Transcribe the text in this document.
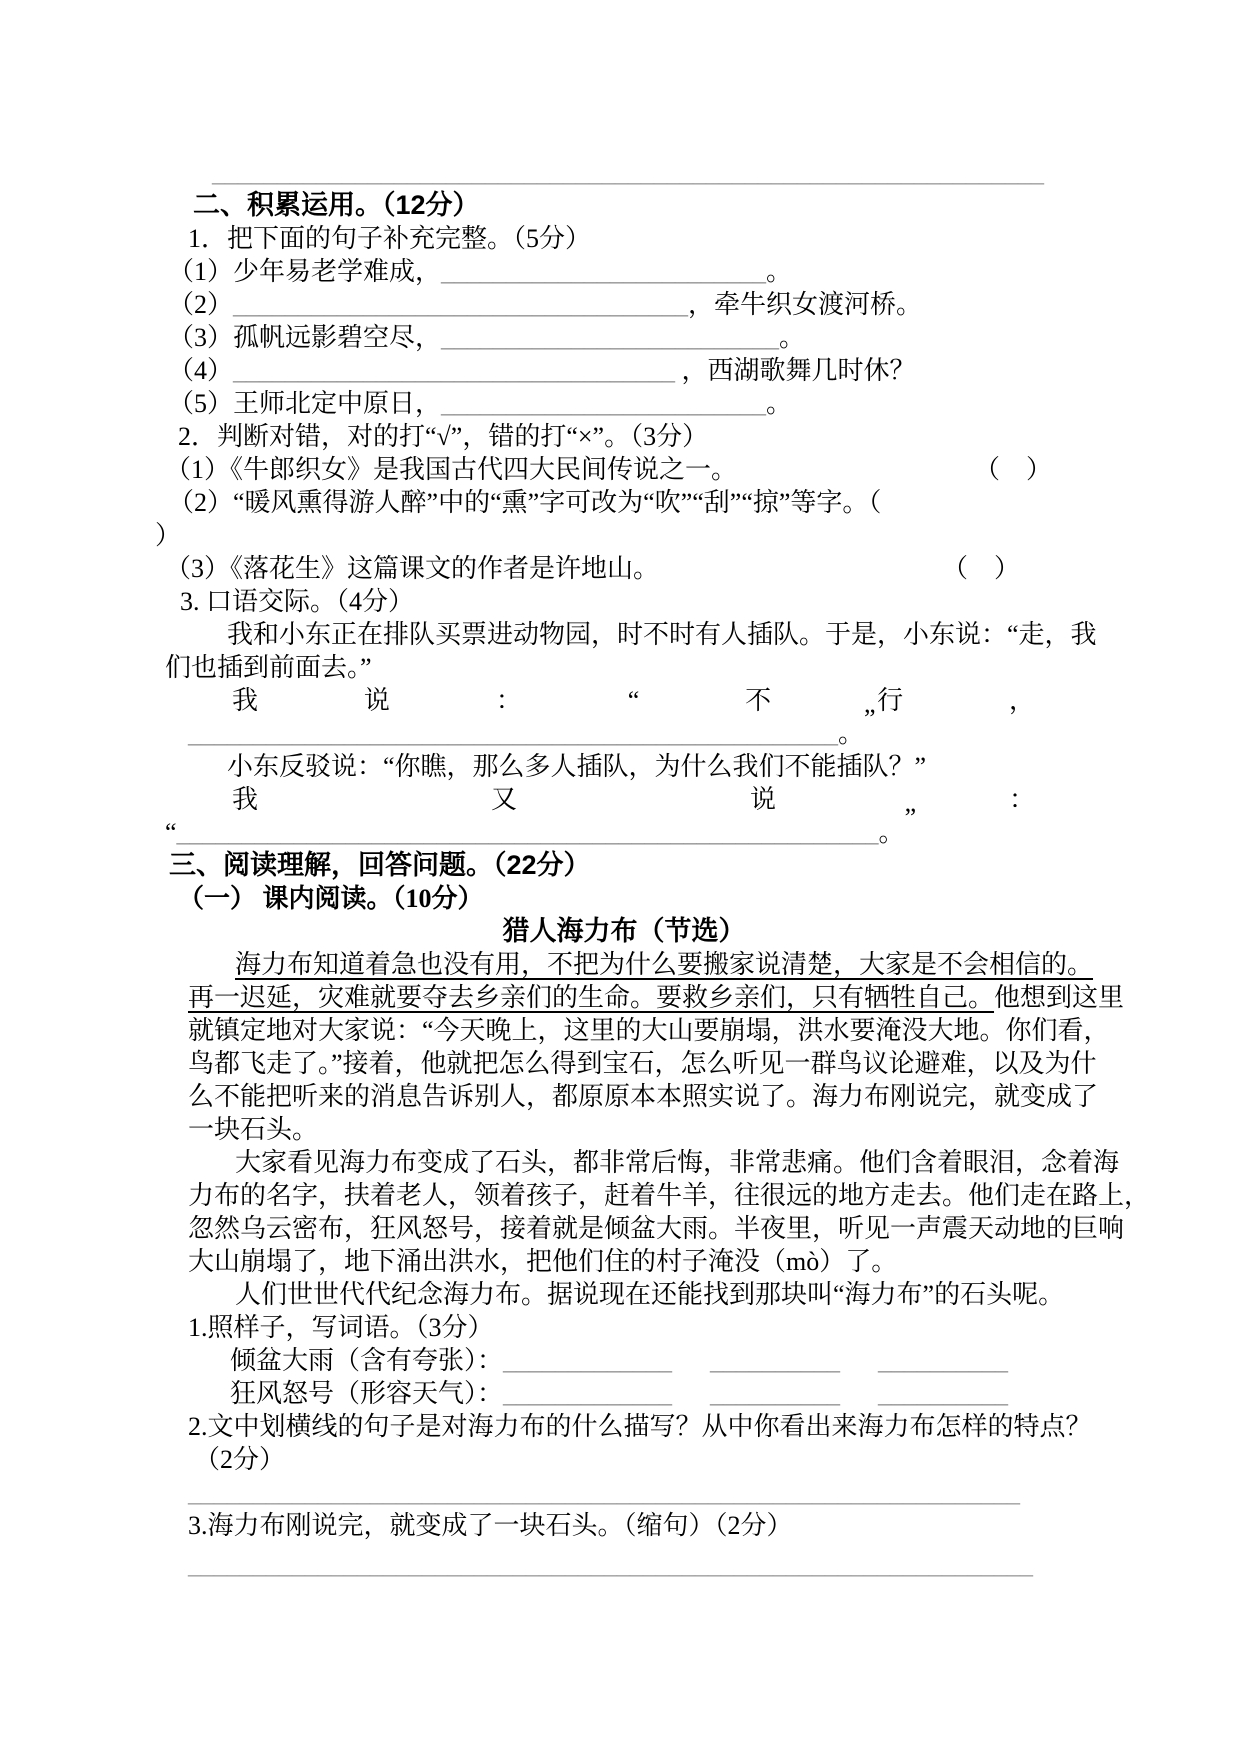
________________________________________________________________
二、积累运用。（12分）
1．把下面的句子补充完整。（5分）
（1）少年易老学难成，_________________________。
（2）___________________________________，牵牛织女渡河桥。
（3）孤帆远影碧空尽，__________________________。
（4）__________________________________ ，西湖歌舞几时休？
（5）王师北定中原日，_________________________。
2．判断对错，对的打“√”，错的打“×”。（3分）
（1）《牛郎织女》是我国古代四大民间传说之一。	（　）
（2）“暖风熏得游人醉”中的“熏”字可改为“吹”“刮”“掠”等字。（
）
（3）《落花生》这篇课文的作者是许地山。	（　）
3. 口语交际。（4分）
我和小东正在排队买票进动物园，时不时有人插队。于是，小东说：“走，我
们也插到前面去。”
我	说	：	“	不	行	，
__________________________________________________。”
小东反驳说：“你瞧，那么多人插队，为什么我们不能插队？”
我	又	说	：
“______________________________________________________。”
三、阅读理解，回答问题。（22分）
（一） 课内阅读。（10分）
猎人海力布（节选）
海力布知道着急也没有用，不把为什么要搬家说清楚，大家是不会相信的。
再一迟延，灾难就要夺去乡亲们的生命。要救乡亲们，只有牺牲自己。他想到这里
就镇定地对大家说：“今天晚上，这里的大山要崩塌，洪水要淹没大地。你们看，
鸟都飞走了。”接着，他就把怎么得到宝石，怎么听见一群鸟议论避难，以及为什
么不能把听来的消息告诉别人，都原原本本照实说了。海力布刚说完，就变成了
一块石头。
大家看见海力布变成了石头，都非常后悔，非常悲痛。他们含着眼泪，念着海
力布的名字，扶着老人，领着孩子，赶着牛羊，往很远的地方走去。他们走在路上，
忽然乌云密布，狂风怒号，接着就是倾盆大雨。半夜里，听见一声震天动地的巨响
大山崩塌了，地下涌出洪水，把他们住的村子淹没（mò）了。
人们世世代代纪念海力布。据说现在还能找到那块叫“海力布”的石头呢。
1.照样子，写词语。（3分）
倾盆大雨（含有夸张）：_____________ __________ __________
狂风怒号（形容天气）：_____________ __________ __________
2.文中划横线的句子是对海力布的什么描写？从中你看出来海力布怎样的特点？
（2分）
________________________________________________________________
3.海力布刚说完，就变成了一块石头。（缩句）（2分）
_________________________________________________________________
